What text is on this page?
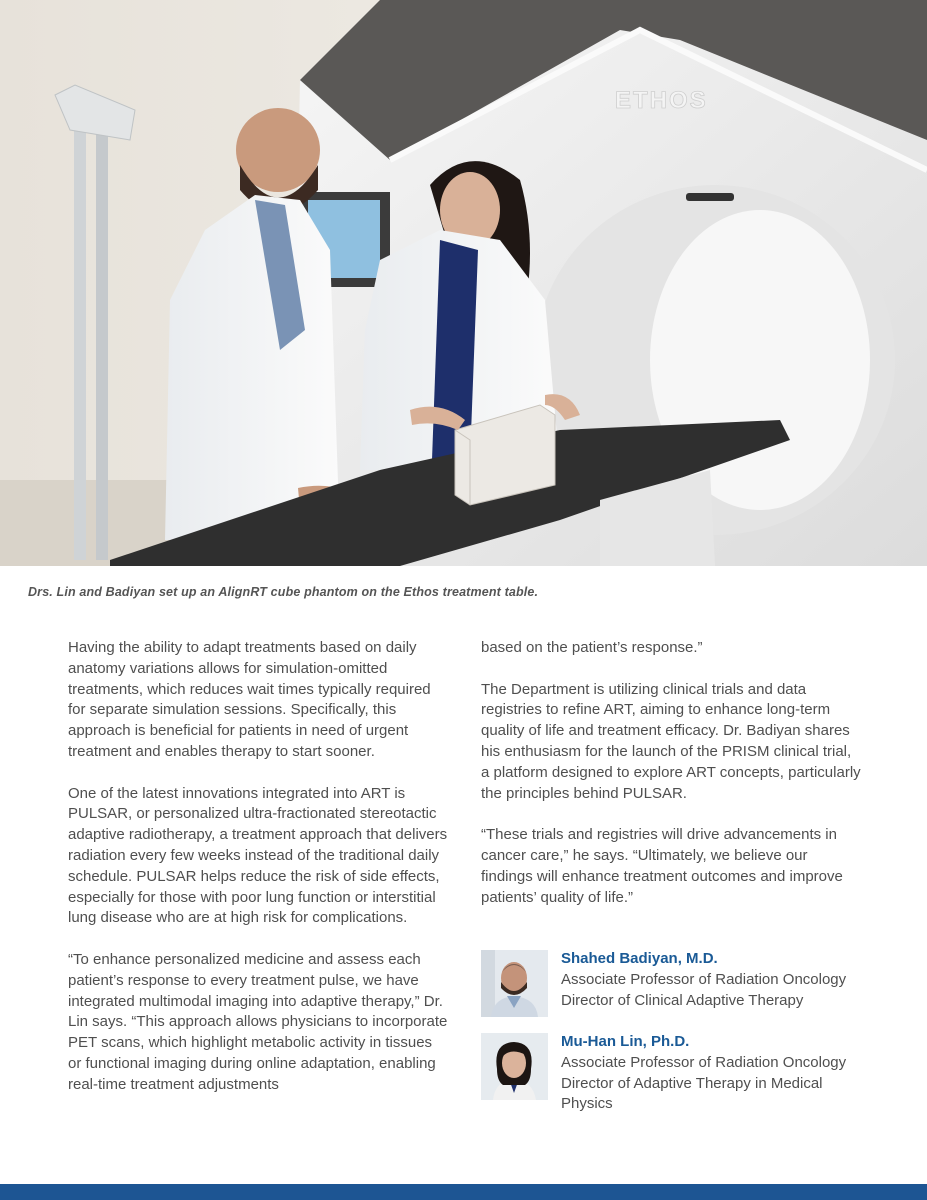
ETHOS
Drs. Lin and Badiyan set up an AlignRT cube phantom on the Ethos treatment table.

Having the ability to adapt treatments based on daily anatomy variations allows for simulation-omitted treatments, which reduces wait times typically required for separate simulation sessions. Specifically, this approach is beneficial for patients in need of urgent treatment and enables therapy to start sooner.

One of the latest innovations integrated into ART is PULSAR, or personalized ultra-fractionated stereotactic adaptive radiotherapy, a treatment approach that delivers radiation every few weeks instead of the traditional daily schedule. PULSAR helps reduce the risk of side effects, especially for those with poor lung function or interstitial lung disease who are at high risk for complications.

“To enhance personalized medicine and assess each patient’s response to every treatment pulse, we have integrated multimodal imaging into adaptive therapy,” Dr. Lin says. “This approach allows physicians to incorporate PET scans, which highlight metabolic activity in tissues or functional imaging during online adaptation, enabling real-time treatment adjustments

based on the patient’s response.”

The Department is utilizing clinical trials and data registries to refine ART, aiming to enhance long-term quality of life and treatment efficacy. Dr. Badiyan shares his enthusiasm for the launch of the PRISM clinical trial, a platform designed to explore ART concepts, particularly the principles behind PULSAR.

“These trials and registries will drive advancements in cancer care,” he says. “Ultimately, we believe our findings will enhance treatment outcomes and improve patients’ quality of life.”

Shahed Badiyan, M.D.
Associate Professor of Radiation Oncology
Director of Clinical Adaptive Therapy
Mu-Han Lin, Ph.D.
Associate Professor of Radiation Oncology
Director of Adaptive Therapy in Medical Physics
